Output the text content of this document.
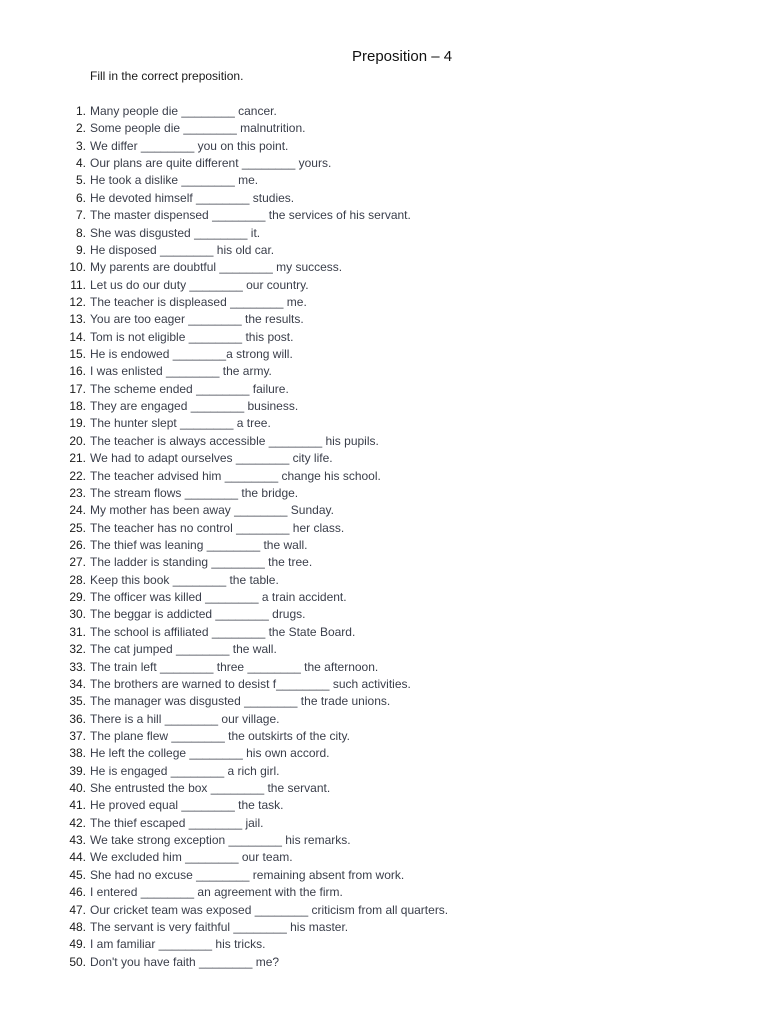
Preposition – 4
Fill in the correct preposition.
1. Many people die ________ cancer.
2. Some people die ________ malnutrition.
3. We differ ________ you on this point.
4. Our plans are quite different ________ yours.
5. He took a dislike ________ me.
6. He devoted himself ________ studies.
7. The master dispensed ________ the services of his servant.
8. She was disgusted ________ it.
9. He disposed ________ his old car.
10. My parents are doubtful ________ my success.
11. Let us do our duty ________ our country.
12. The teacher is displeased ________ me.
13. You are too eager ________ the results.
14. Tom is not eligible ________ this post.
15. He is endowed ________a strong will.
16. I was enlisted ________ the army.
17. The scheme ended ________ failure.
18. They are engaged ________ business.
19. The hunter slept ________ a tree.
20. The teacher is always accessible ________ his pupils.
21. We had to adapt ourselves ________ city life.
22. The teacher advised him ________ change his school.
23. The stream flows ________ the bridge.
24. My mother has been away ________ Sunday.
25. The teacher has no control ________ her class.
26. The thief was leaning ________ the wall.
27. The ladder is standing ________ the tree.
28. Keep this book ________ the table.
29. The officer was killed ________ a train accident.
30. The beggar is addicted ________ drugs.
31. The school is affiliated ________ the State Board.
32. The cat jumped ________ the wall.
33. The train left ________ three ________ the afternoon.
34. The brothers are warned to desist f________ such activities.
35. The manager was disgusted ________ the trade unions.
36. There is a hill ________ our village.
37. The plane flew ________ the outskirts of the city.
38. He left the college ________ his own accord.
39. He is engaged ________ a rich girl.
40. She entrusted the box ________ the servant.
41. He proved equal ________ the task.
42. The thief escaped ________ jail.
43. We take strong exception ________ his remarks.
44. We excluded him ________ our team.
45. She had no excuse ________ remaining absent from work.
46. I entered ________ an agreement with the firm.
47. Our cricket team was exposed ________ criticism from all quarters.
48. The servant is very faithful ________ his master.
49. I am familiar ________ his tricks.
50. Don't you have faith ________ me?
